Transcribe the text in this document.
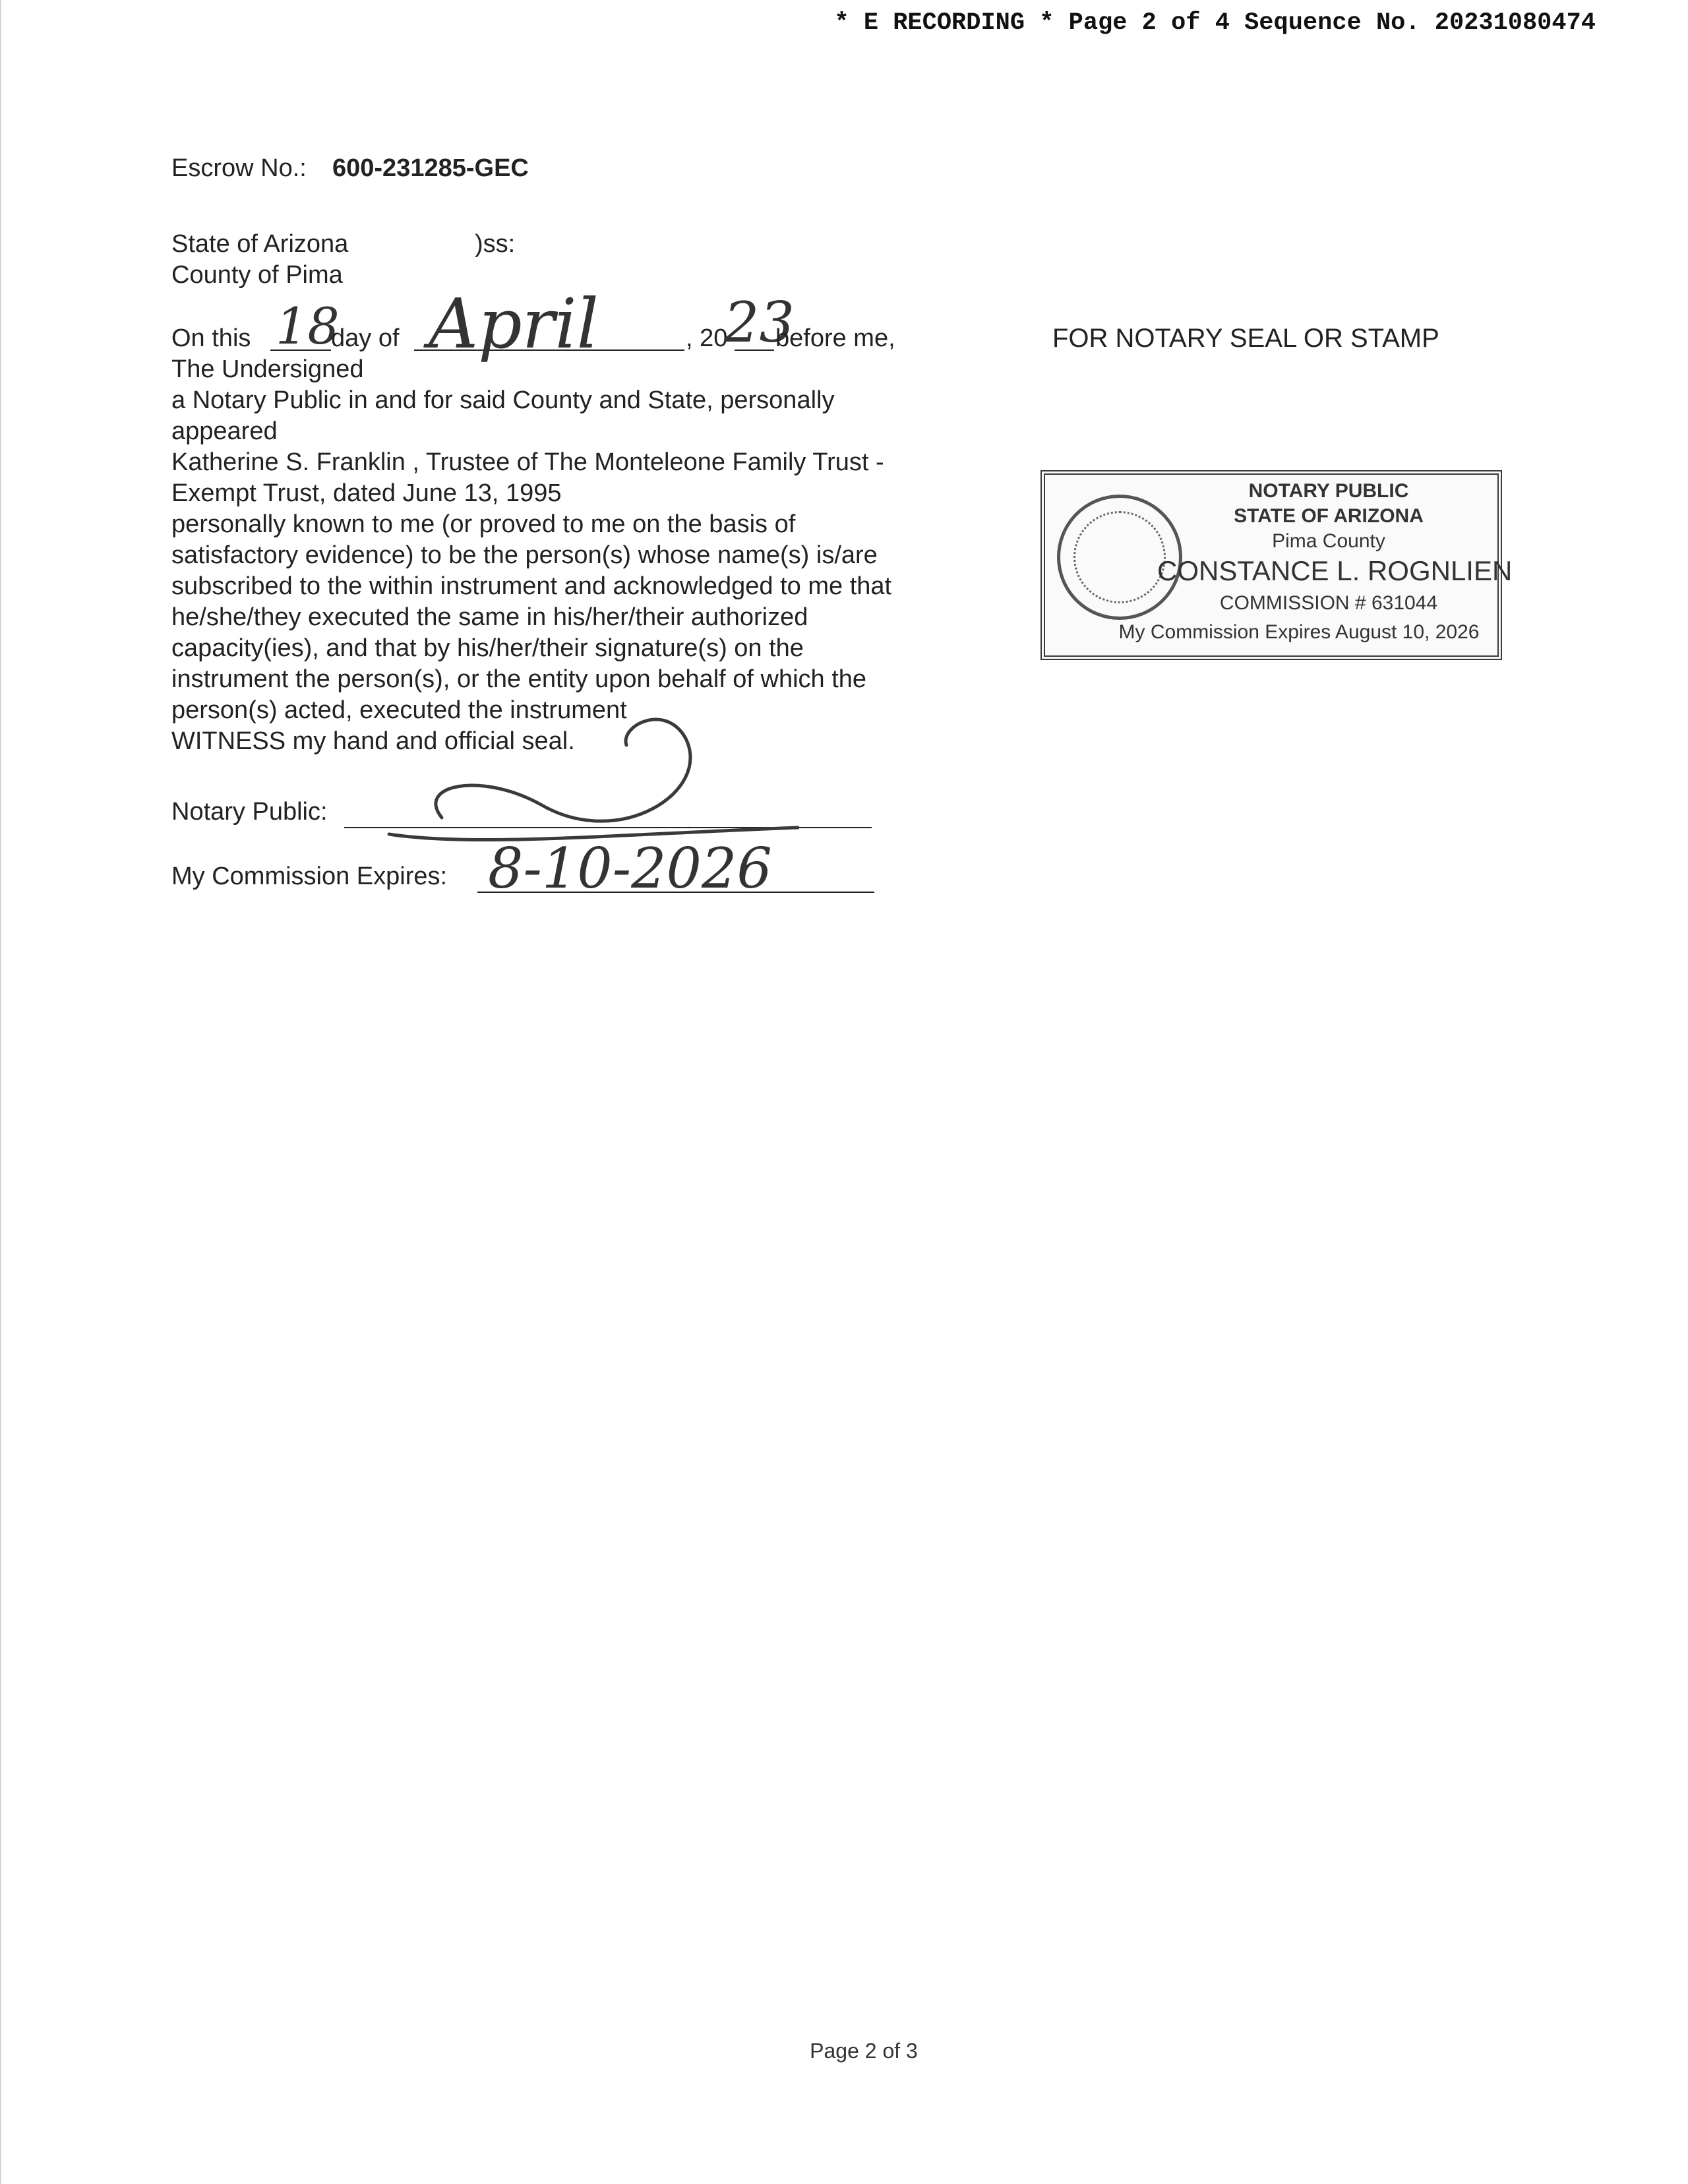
* E RECORDING * Page 2 of 4 Sequence No. 20231080474
Escrow No.: 600-231285-GEC
State of Arizona	)ss:
County of Pima
On this 18
day of April	, 20
23
before me,
The Undersigned
a Notary Public in and for said County and State, personally
appeared
Katherine S. Franklin , Trustee of The Monteleone Family Trust -
Exempt Trust, dated June 13, 1995
personally known to me (or proved to me on the basis of
satisfactory evidence) to be the person(s) whose name(s) is/are
subscribed to the within instrument and acknowledged to me that
he/she/they executed the same in his/her/their authorized
capacity(ies), and that by his/her/their signature(s) on the
instrument the person(s), or the entity upon behalf of which the
person(s) acted, executed the instrument
WITNESS my hand and official seal.
Notary Public:
My Commission Expires: 8-10-2026
FOR NOTARY SEAL OR STAMP
NOTARY PUBLIC
STATE OF ARIZONA
Pima County
CONSTANCE L. ROGNLIEN
COMMISSION # 631044
My Commission Expires August 10, 2026
Page 2 of 3
